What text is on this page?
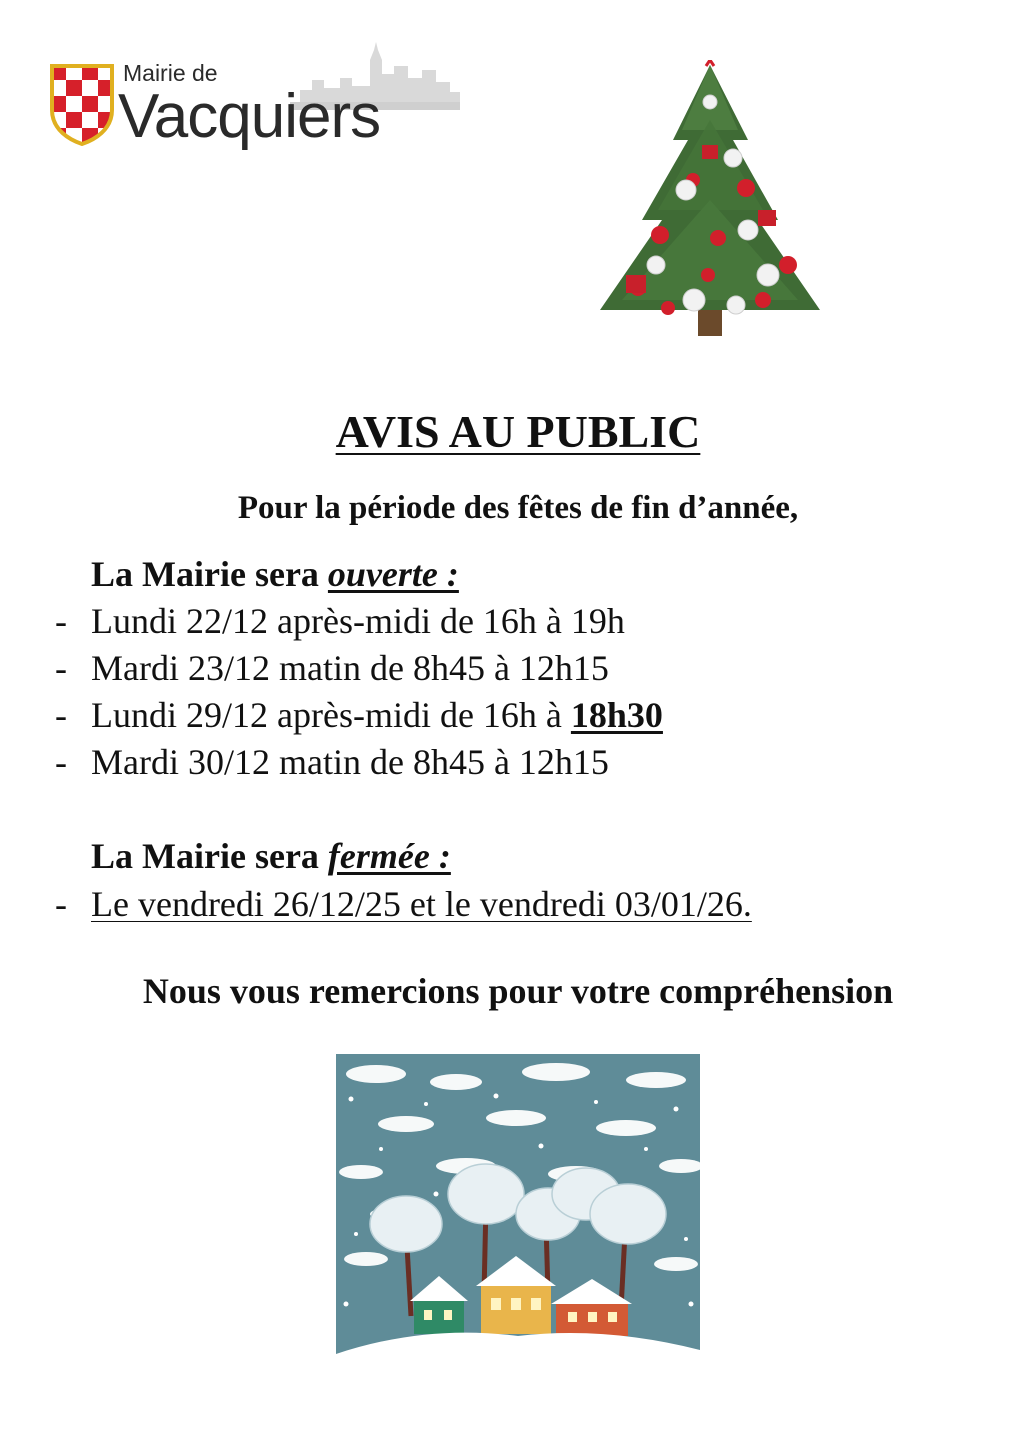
Mairie de
Vacquiers
AVIS AU PUBLIC
Pour la période des fêtes de fin d’année,
La Mairie sera ouverte :
- Lundi 22/12 après-midi de 16h à 19h
- Mardi 23/12 matin de 8h45 à 12h15
- Lundi 29/12 après-midi de 16h à 18h30
- Mardi 30/12 matin de 8h45 à 12h15
La Mairie sera fermée :
- Le vendredi 26/12/25 et le vendredi 03/01/26.
Nous vous remercions pour votre compréhension
